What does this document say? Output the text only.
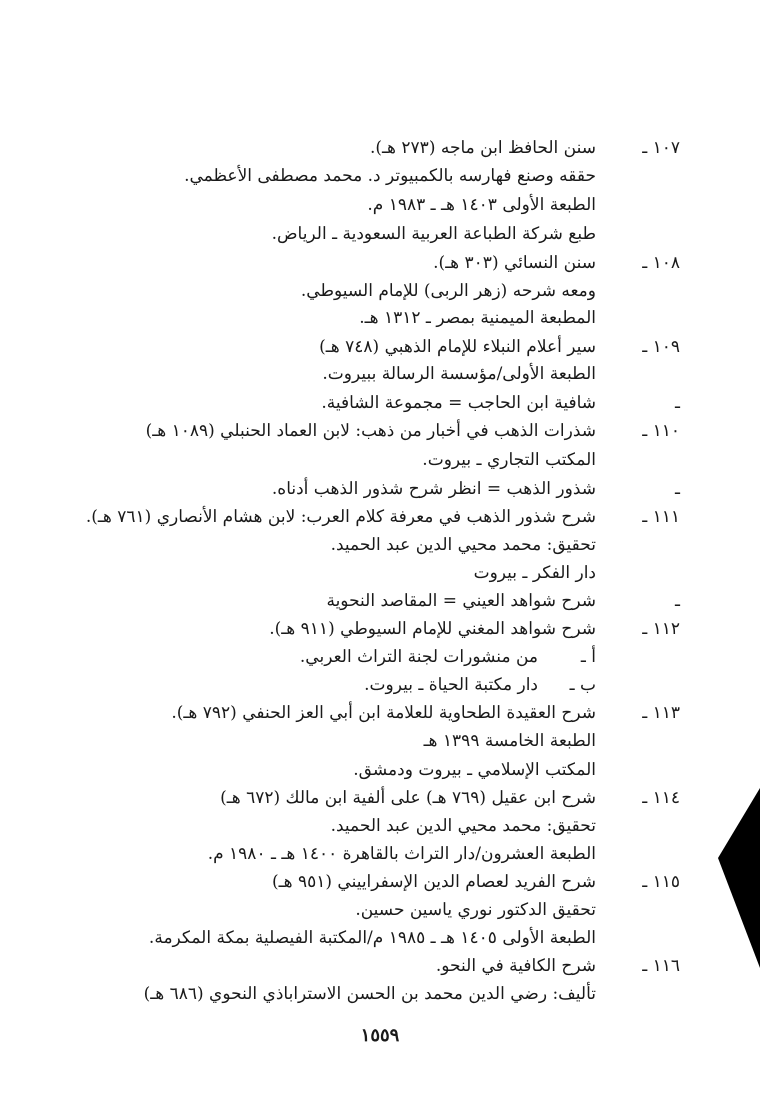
١٠٧ ـ
سنن الحافظ ابن ماجه (٢٧٣ هـ).
حققه وصنع فهارسه بالكمبيوتر د. محمد مصطفى الأعظمي.
الطبعة الأولى ١٤٠٣ هـ ـ ١٩٨٣ م.
طبع شركة الطباعة العربية السعودية ـ الرياض.
١٠٨ ـ
سنن النسائي (٣٠٣ هـ).
ومعه شرحه (زهر الربى) للإمام السيوطي.
المطبعة الميمنية بمصر ـ ١٣١٢ هـ.
١٠٩ ـ
سير أعلام النبلاء للإمام الذهبي (٧٤٨ هـ)
الطبعة الأولى/مؤسسة الرسالة ببيروت.
ـ
شافية ابن الحاجب = مجموعة الشافية.
١١٠ ـ
شذرات الذهب في أخبار من ذهب: لابن العماد الحنبلي (١٠٨٩ هـ)
المكتب التجاري ـ بيروت.
ـ
شذور الذهب = انظر شرح شذور الذهب أدناه.
١١١ ـ
شرح شذور الذهب في معرفة كلام العرب: لابن هشام الأنصاري (٧٦١ هـ).
تحقيق: محمد محيي الدين عبد الحميد.
دار الفكر ـ بيروت
ـ
شرح شواهد العيني = المقاصد النحوية
١١٢ ـ
شرح شواهد المغني للإمام السيوطي (٩١١ هـ).
أ ـ
من منشورات لجنة التراث العربي.
ب ـ
دار مكتبة الحياة ـ بيروت.
١١٣ ـ
شرح العقيدة الطحاوية للعلامة ابن أبي العز الحنفي (٧٩٢ هـ).
الطبعة الخامسة ١٣٩٩ هـ
المكتب الإسلامي ـ بيروت ودمشق.
١١٤ ـ
شرح ابن عقيل (٧٦٩ هـ) على ألفية ابن مالك (٦٧٢ هـ)
تحقيق: محمد محيي الدين عبد الحميد.
الطبعة العشرون/دار التراث بالقاهرة ١٤٠٠ هـ ـ ١٩٨٠ م.
١١٥ ـ
شرح الفريد لعصام الدين الإسفراييني (٩٥١ هـ)
تحقيق الدكتور نوري ياسين حسين.
الطبعة الأولى ١٤٠٥ هـ ـ ١٩٨٥ م/المكتبة الفيصلية بمكة المكرمة.
١١٦ ـ
شرح الكافية في النحو.
تأليف: رضي الدين محمد بن الحسن الاستراباذي النحوي (٦٨٦ هـ)
١٥٥٩
